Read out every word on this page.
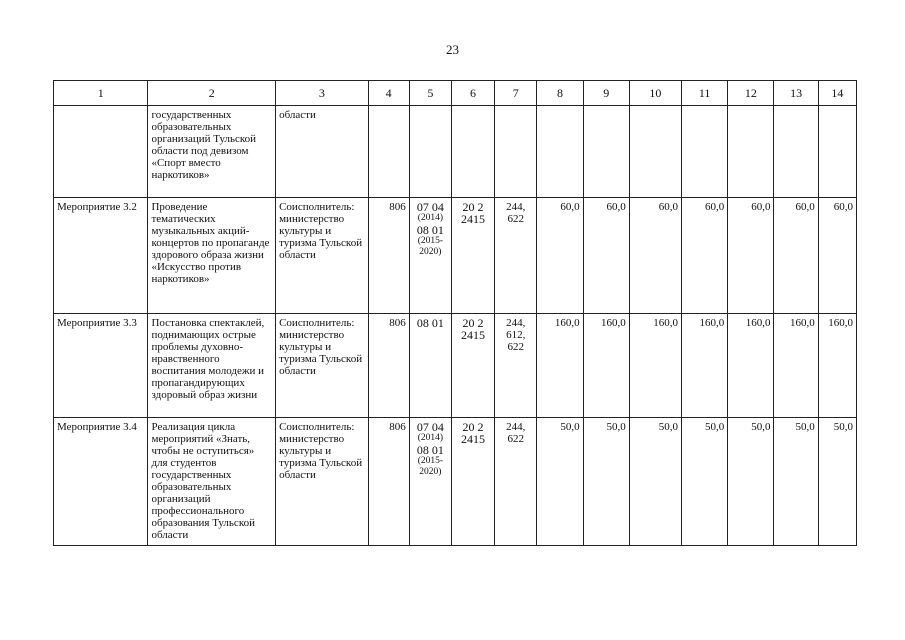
23
1	2	3	4	5	6	7	8	9	10	11	12	13	14
	государственных образовательных организаций Тульской области под девизом «Спорт вместо наркотиков»	области											
Мероприятие 3.2	Проведение тематических музыкальных акций-концертов по пропаганде здорового образа жизни «Искусство против наркотиков»	Соисполнитель: министерство культуры и туризма Тульской области	806	07 04
(2014)
08 01
(2015-2020)	20 2
2415	244, 622	60,0	60,0	60,0	60,0	60,0	60,0	60,0
Мероприятие 3.3	Постановка спектаклей, поднимающих острые проблемы духовно-нравственного воспитания молодежи и пропагандирующих здоровый образ жизни	Соисполнитель: министерство культуры и туризма Тульской области	806	08 01	20 2
2415	244, 612, 622	160,0	160,0	160,0	160,0	160,0	160,0	160,0
Мероприятие 3.4	Реализация цикла мероприятий «Знать, чтобы не оступиться» для студентов государственных образовательных организаций профессионального образования Тульской области	Соисполнитель: министерство культуры и туризма Тульской области	806	07 04
(2014)
08 01
(2015-2020)	20 2
2415	244, 622	50,0	50,0	50,0	50,0	50,0	50,0	50,0
